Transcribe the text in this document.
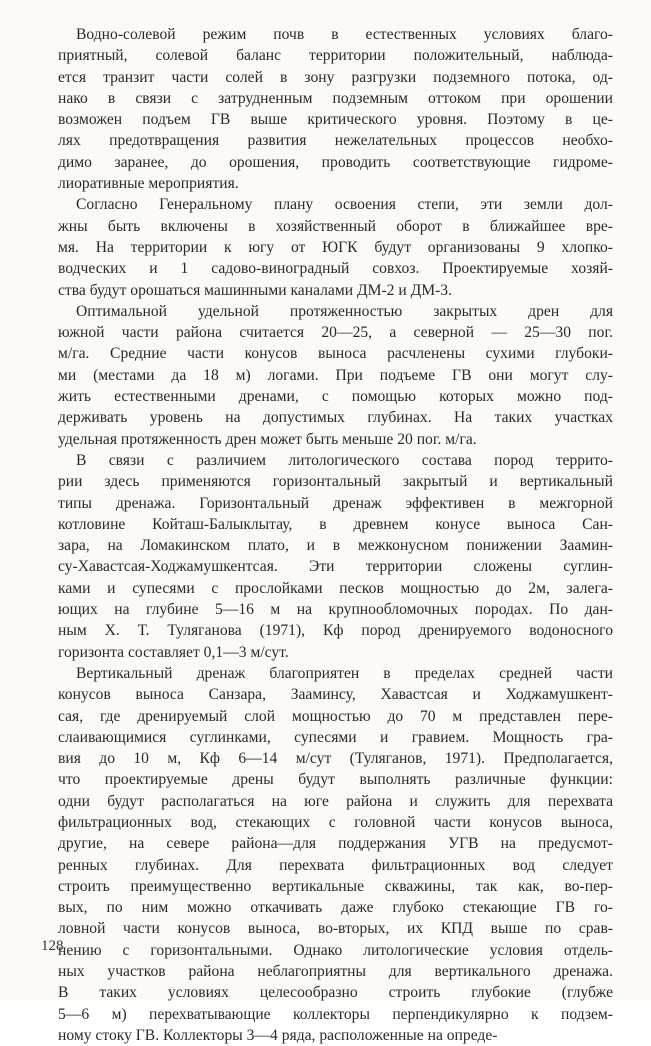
Водно-солевой режим почв в естественных условиях благо-
приятный, солевой баланс территории положительный, наблюда-
ется транзит части солей в зону разгрузки подземного потока, од-
нако в связи с затрудненным подземным оттоком при орошении
возможен подъем ГВ выше критического уровня. Поэтому в це-
лях предотвращения развития нежелательных процессов необхо-
димо заранее, до орошения, проводить соответствующие гидроме-
лиоративные мероприятия.
Согласно Генеральному плану освоения степи, эти земли дол-
жны быть включены в хозяйственный оборот в ближайшее вре-
мя. На территории к югу от ЮГК будут организованы 9 хлопко-
водческих и 1 садово-виноградный совхоз. Проектируемые хозяй-
ства будут орошаться машинными каналами ДМ-2 и ДМ-3.
Оптимальной удельной протяженностью закрытых дрен для
южной части района считается 20—25, а северной — 25—30 пог.
м/га. Средние части конусов выноса расчленены сухими глубоки-
ми (местами да 18 м) логами. При подъеме ГВ они могут слу-
жить естественными дренами, с помощью которых можно под-
держивать уровень на допустимых глубинах. На таких участках
удельная протяженность дрен может быть меньше 20 пог. м/га.
В связи с различием литологического состава пород террито-
рии здесь применяются горизонтальный закрытый и вертикальный
типы дренажа. Горизонтальный дренаж эффективен в межгорной
котловине Койташ-Балыклытау, в древнем конусе выноса Сан-
зара, на Ломакинском плато, и в межконусном понижении Заамин-
су-Хавастсая-Ходжамушкентсая. Эти территории сложены суглин-
ками и супесями с прослойками песков мощностью до 2м, залега-
ющих на глубине 5—16 м на крупнообломочных породах. По дан-
ным Х. Т. Туляганова (1971), Кф пород дренируемого водоносного
горизонта составляет 0,1—3 м/сут.
Вертикальный дренаж благоприятен в пределах средней части
конусов выноса Санзара, Зааминсу, Хавастсая и Ходжамушкент-
сая, где дренируемый слой мощностью до 70 м представлен пере-
слаивающимися суглинками, супесями и гравием. Мощность гра-
вия до 10 м, Кф 6—14 м/сут (Туляганов, 1971). Предполагается,
что проектируемые дрены будут выполнять различные функции:
одни будут располагаться на юге района и служить для перехвата
фильтрационных вод, стекающих с головной части конусов выноса,
другие, на севере района—для поддержания УГВ на предусмот-
ренных глубинах. Для перехвата фильтрационных вод следует
строить преимущественно вертикальные скважины, так как, во-пер-
вых, по ним можно откачивать даже глубоко стекающие ГВ го-
ловной части конусов выноса, во-вторых, их КПД выше по срав-
нению с горизонтальными. Однако литологические условия отдель-
ных участков района неблагоприятны для вертикального дренажа.
В таких условиях целесообразно строить глубокие (глубже
5—6 м) перехватывающие коллекторы перпендикулярно к подзем-
ному стоку ГВ. Коллекторы 3—4 ряда, расположенные на опреде-
128
